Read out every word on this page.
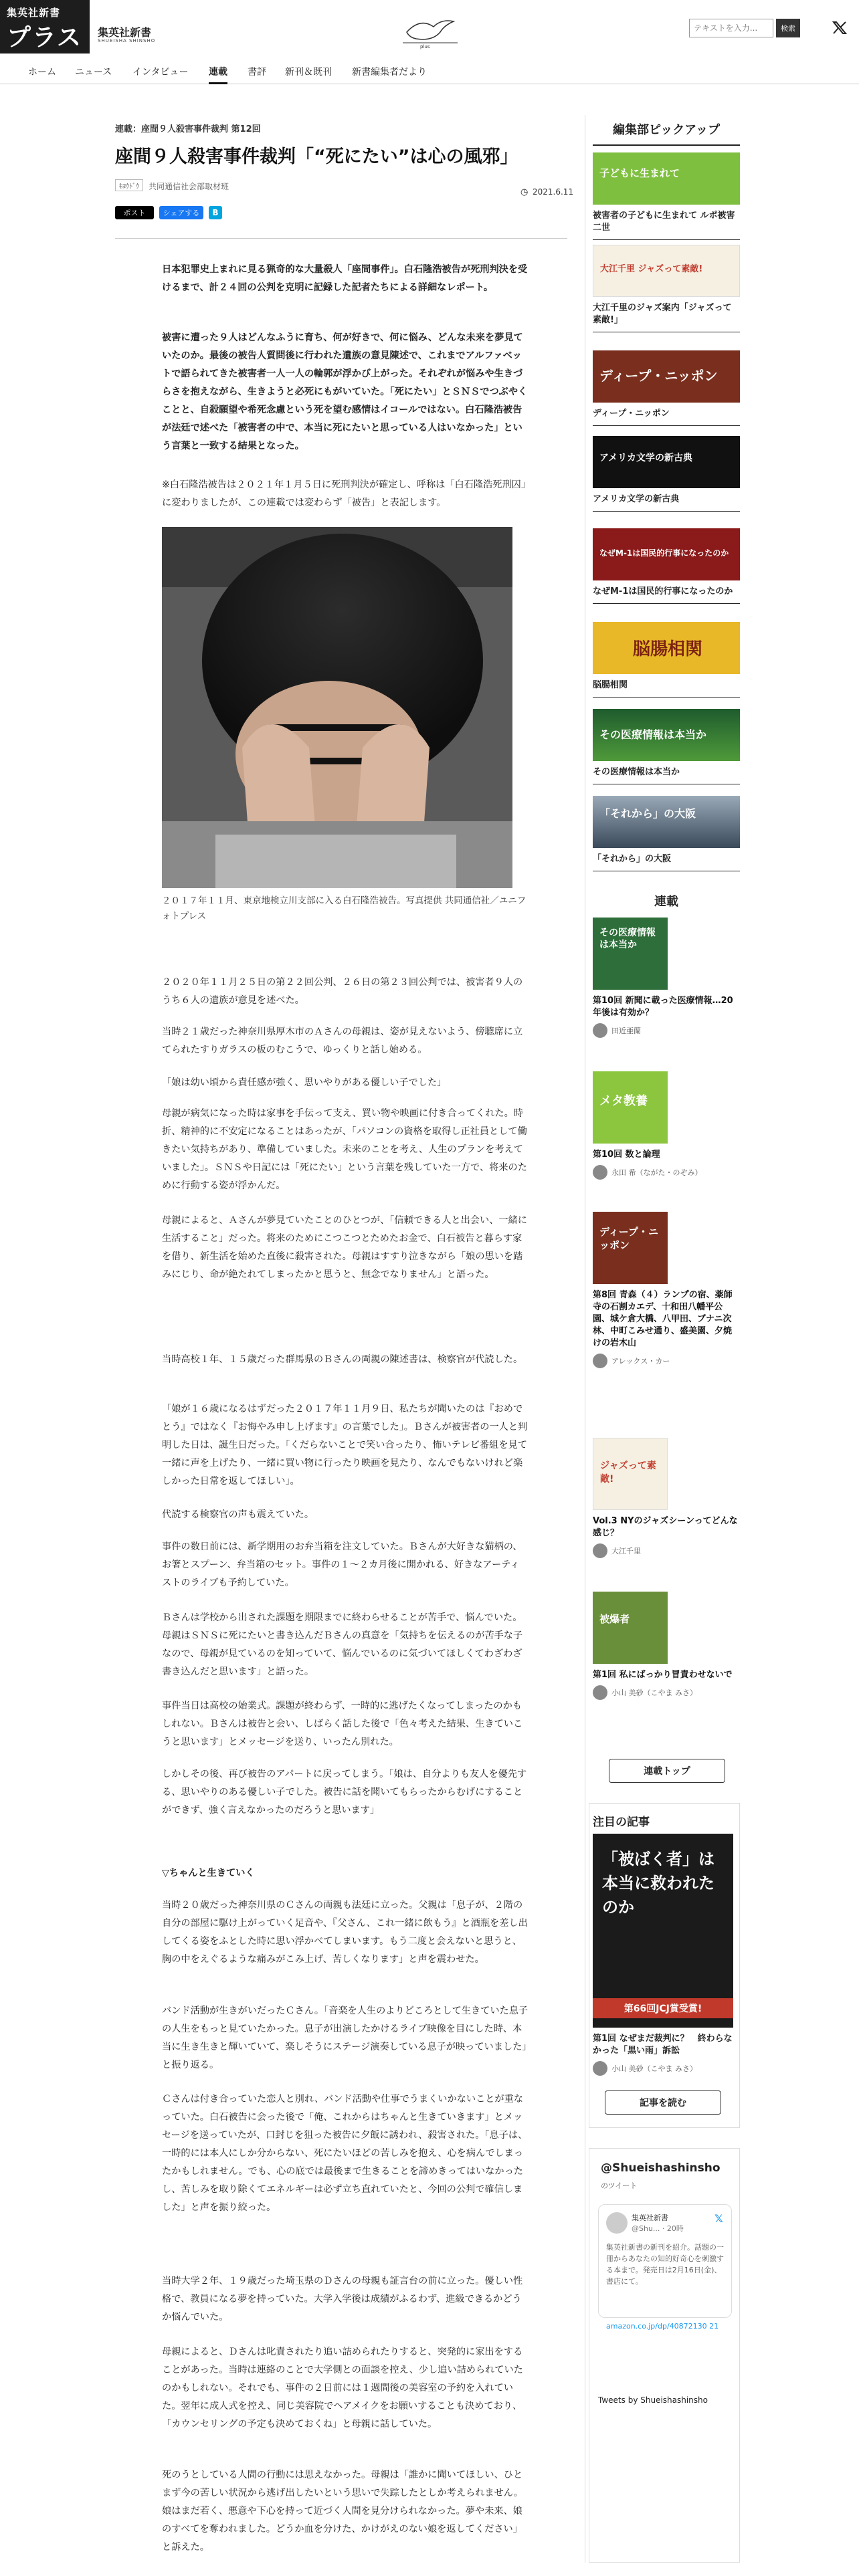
集英社新書
プラス 集英社新書
SHUEISHA SHINSHO
plus
テキストを入力...
検索
ホーム ニュース インタビュー 連載 書評 新刊＆既刊 新書編集者だより
連載：座間９人殺害事件裁判 第12回
座間９人殺害事件裁判「“死にたい”は心の風邪」
ｷﾖｳﾄﾞｳ	共同通信社会部取材班
◷ 2021.6.11
ポスト	シェアする	B

日本犯罪史上まれに見る猟奇的な大量殺人「座間事件」。白石隆浩被告が死刑判決を受けるまで、計２４回の公判を克明に記録した記者たちによる詳細なレポート。

被害に遭った９人はどんなふうに育ち、何が好きで、何に悩み、どんな未来を夢見ていたのか。最後の被告人質問後に行われた遺族の意見陳述で、これまでアルファベットで語られてきた被害者一人一人の輪郭が浮かび上がった。それぞれが悩みや生きづらさを抱えながら、生きようと必死にもがいていた。「死にたい」とＳＮＳでつぶやくことと、自殺願望や希死念慮という死を望む感情はイコールではない。白石隆浩被告が法廷で述べた「被害者の中で、本当に死にたいと思っている人はいなかった」という言葉と一致する結果となった。

※白石隆浩被告は２０２１年１月５日に死刑判決が確定し、呼称は「白石隆浩死刑囚」に変わりましたが、この連載では変わらず「被告」と表記します。

２０１７年１１月、東京地検立川支部に入る白石隆浩被告。写真提供 共同通信社／ユニフォトプレス

２０２０年１１月２５日の第２２回公判、２６日の第２３回公判では、被害者９人のうち６人の遺族が意見を述べた。

当時２１歳だった神奈川県厚木市のＡさんの母親は、姿が見えないよう、傍聴席に立てられたすりガラスの板のむこうで、ゆっくりと話し始める。

「娘は幼い頃から責任感が強く、思いやりがある優しい子でした」

母親が病気になった時は家事を手伝って支え、買い物や映画に付き合ってくれた。時折、精神的に不安定になることはあったが、「パソコンの資格を取得し正社員として働きたい気持ちがあり、準備していました。未来のことを考え、人生のプランを考えていました」。ＳＮＳや日記には「死にたい」という言葉を残していた一方で、将来のために行動する姿が浮かんだ。

母親によると、Ａさんが夢見ていたことのひとつが、「信頼できる人と出会い、一緒に生活すること」だった。将来のためにこつこつとためたお金で、白石被告と暮らす家を借り、新生活を始めた直後に殺害された。母親はすすり泣きながら「娘の思いを踏みにじり、命が絶たれてしまったかと思うと、無念でなりません」と語った。

当時高校１年、１５歳だった群馬県のＢさんの両親の陳述書は、検察官が代読した。

「娘が１６歳になるはずだった２０１７年１１月９日、私たちが聞いたのは『おめでとう』ではなく『お悔やみ申し上げます』の言葉でした」。Ｂさんが被害者の一人と判明した日は、誕生日だった。「くだらないことで笑い合ったり、怖いテレビ番組を見て一緒に声を上げたり、一緒に買い物に行ったり映画を見たり、なんでもないけれど楽しかった日常を返してほしい」。

代読する検察官の声も震えていた。

事件の数日前には、新学期用のお弁当箱を注文していた。Ｂさんが大好きな猫柄の、お箸とスプーン、弁当箱のセット。事件の１〜２カ月後に開かれる、好きなアーティストのライブも予約していた。

Ｂさんは学校から出された課題を期限までに終わらせることが苦手で、悩んでいた。母親はＳＮＳに死にたいと書き込んだＢさんの真意を「気持ちを伝えるのが苦手な子なので、母親が見ているのを知っていて、悩んでいるのに気づいてほしくてわざわざ書き込んだと思います」と語った。

事件当日は高校の始業式。課題が終わらず、一時的に逃げたくなってしまったのかもしれない。Ｂさんは被告と会い、しばらく話した後で「色々考えた結果、生きていこうと思います」とメッセージを送り、いったん別れた。

しかしその後、再び被告のアパートに戻ってしまう。「娘は、自分よりも友人を優先する、思いやりのある優しい子でした。被告に話を聞いてもらったからむげにすることができず、強く言えなかったのだろうと思います」

▽ちゃんと生きていく

当時２０歳だった神奈川県のＣさんの両親も法廷に立った。父親は「息子が、２階の自分の部屋に駆け上がっていく足音や、『父さん、これ一緒に飲もう』と酒瓶を差し出してくる姿をふとした時に思い浮かべてしまいます。もう二度と会えないと思うと、胸の中をえぐるような痛みがこみ上げ、苦しくなります」と声を震わせた。

バンド活動が生きがいだったＣさん。「音楽を人生のよりどころとして生きていた息子の人生をもっと見ていたかった。息子が出演したかけるライブ映像を目にした時、本当に生き生きと輝いていて、楽しそうにステージ演奏している息子が映っていました」と振り返る。

Ｃさんは付き合っていた恋人と別れ、バンド活動や仕事でうまくいかないことが重なっていた。白石被告に会った後で「俺、これからはちゃんと生きていきます」とメッセージを送っていたが、口封じを狙った被告に夕飯に誘われ、殺害された。「息子は、一時的には本人にしか分からない、死にたいほどの苦しみを抱え、心を病んでしまったかもしれません。でも、心の底では最後まで生きることを諦めきってはいなかったし、苦しみを取り除くてエネルギーは必ず立ち直れていたと、今回の公判で確信しました」と声を振り絞った。

当時大学２年、１９歳だった埼玉県のＤさんの母親も証言台の前に立った。優しい性格で、教員になる夢を持っていた。大学入学後は成績がふるわず、進級できるかどうか悩んでいた。

母親によると、Ｄさんは叱責されたり追い詰められたりすると、突発的に家出をすることがあった。当時は連絡のことで大学側との面談を控え、少し追い詰められていたのかもしれない。それでも、事件の２日前には１週間後の美容室の予約を入れていた。翌年に成人式を控え、同じ美容院でヘアメイクをお願いすることも決めており、「カウンセリングの予定も決めておくね」と母親に話していた。

死のうとしている人間の行動には思えなかった。母親は「誰かに聞いてほしい、ひとまず今の苦しい状況から逃げ出したいという思いで失踪したとしか考えられません。娘はまだ若く、悪意や下心を持って近づく人間を見分けられなかった。夢や未来、娘のすべてを奪われました。どうか血を分けた、かけがえのない娘を返してください」と訴えた。

編集部ピックアップ
子どもに生まれて
被害者の子どもに生まれて ルポ被害二世
大江千里 ジャズって素敵!
大江千里のジャズ案内「ジャズって素敵!」
ディープ・ニッポン
ディープ・ニッポン
アメリカ文学の新古典
アメリカ文学の新古典
なぜM-1は国民的行事になったのか
なぜM-1は国民的行事になったのか
脳腸相関
脳腸相関
その医療情報は本当か
その医療情報は本当か
「それから」の大阪
「それから」の大阪
連載
その医療情報は本当か
第10回 新聞に載った医療情報…20年後は有効か？
田近亜蘭
メタ教養
第10回 数と論理
永田 希（ながた・のぞみ）
ディープ・ニッポン
第8回 青森（４）ランプの宿、薬師寺の石割カエデ、十和田八幡平公園、城ケ倉大橋、八甲田、ブナニ次林、中町こみせ通り、盛美園、夕焼けの岩木山
アレックス・カー
ジャズって素敵!
Vol.3 NYのジャズシーンってどんな感じ？
大江千里
被爆者
第1回 私にばっかり冒責わせないで
小山 美砂（こやま みさ）
連載トップ
注目の記事
「被ばく者」は本当に救われたのか
第66回JCJ賞受賞!
第1回 なぜまだ裁判に？　終わらなかった「黒い雨」訴訟
小山 美砂（こやま みさ）
記事を読む
@Shueishashinsho
のツイート
集英社新書
@Shu... · 20時
𝕏
集英社新書の新刊を紹介。話題の一冊からあなたの知的好奇心を刺激する本まで。発売日は2月16日(金)、書店にて。
amazon.co.jp/dp/40872130 21
Tweets by Shueishashinsho
